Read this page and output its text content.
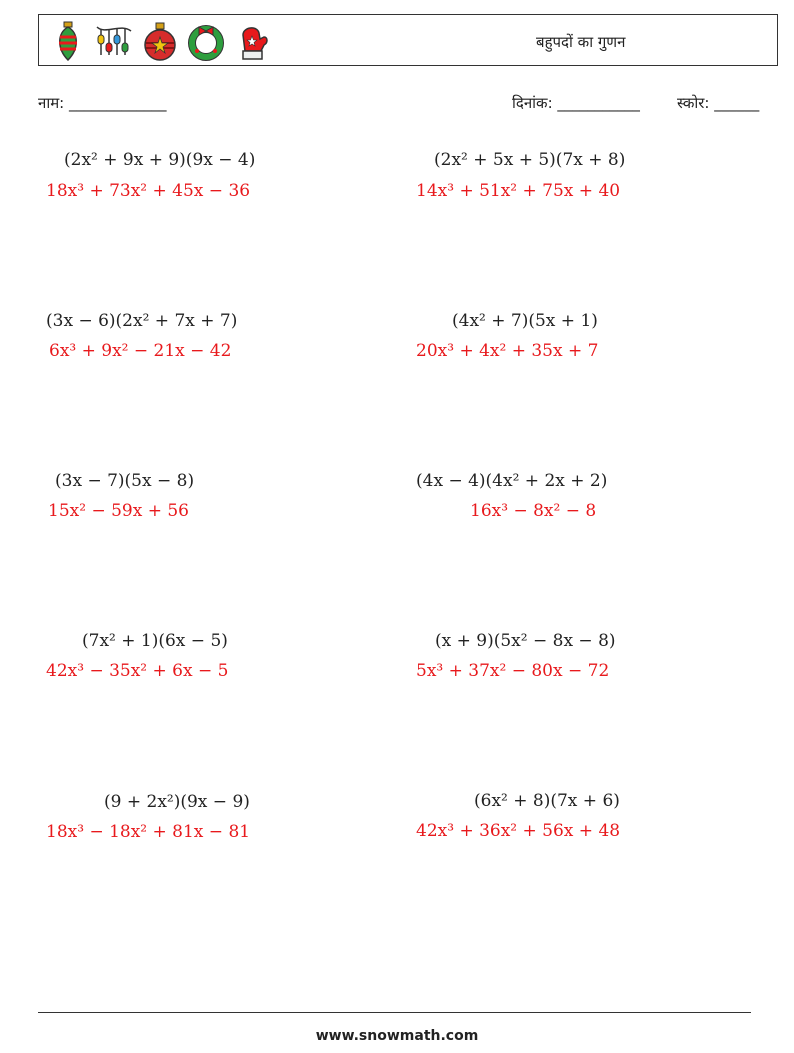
बहुपदों का गुणन
नाम: _____________	दिनांक: ___________ स्कोर: ______
(2x² + 9x + 9)(9x − 4)
18x³ + 73x² + 45x − 36
(2x² + 5x + 5)(7x + 8)
14x³ + 51x² + 75x + 40
(3x − 6)(2x² + 7x + 7)
6x³ + 9x² − 21x − 42
(4x² + 7)(5x + 1)
20x³ + 4x² + 35x + 7
(3x − 7)(5x − 8)
15x² − 59x + 56
(4x − 4)(4x² + 2x + 2)
16x³ − 8x² − 8
(7x² + 1)(6x − 5)
42x³ − 35x² + 6x − 5
(x + 9)(5x² − 8x − 8)
5x³ + 37x² − 80x − 72
(9 + 2x²)(9x − 9)
18x³ − 18x² + 81x − 81
(6x² + 8)(7x + 6)
42x³ + 36x² + 56x + 48
www.snowmath.com
